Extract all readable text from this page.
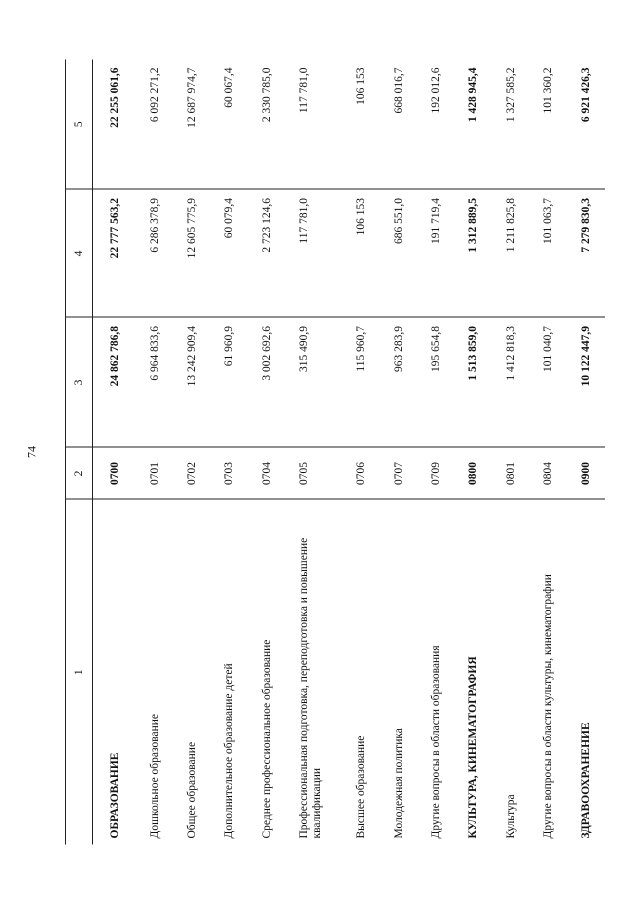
74
1	2	3	4	5
ОБРАЗОВАНИЕ	0700	24 862 786,8	22 777 563,2	22 255 061,6
Дошкольное образование	0701	6 964 833,6	6 286 378,9	6 092 271,2
Общее образование	0702	13 242 909,4	12 605 775,9	12 687 974,7
Дополнительное образование детей	0703	61 960,9	60 079,4	60 067,4
Среднее профессиональное образование	0704	3 002 692,6	2 723 124,6	2 330 785,0
Профессиональная подготовка, переподготовка и повышение квалификации	0705	315 490,9	117 781,0	117 781,0
Высшее образование	0706	115 960,7	106 153	106 153
Молодежная политика	0707	963 283,9	686 551,0	668 016,7
Другие вопросы в области образования	0709	195 654,8	191 719,4	192 012,6
КУЛЬТУРА, КИНЕМАТОГРАФИЯ	0800	1 513 859,0	1 312 889,5	1 428 945,4
Культура	0801	1 412 818,3	1 211 825,8	1 327 585,2
Другие вопросы в области культуры, кинематографии	0804	101 040,7	101 063,7	101 360,2
ЗДРАВООХРАНЕНИЕ	0900	10 122 447,9	7 279 830,3	6 921 426,3
